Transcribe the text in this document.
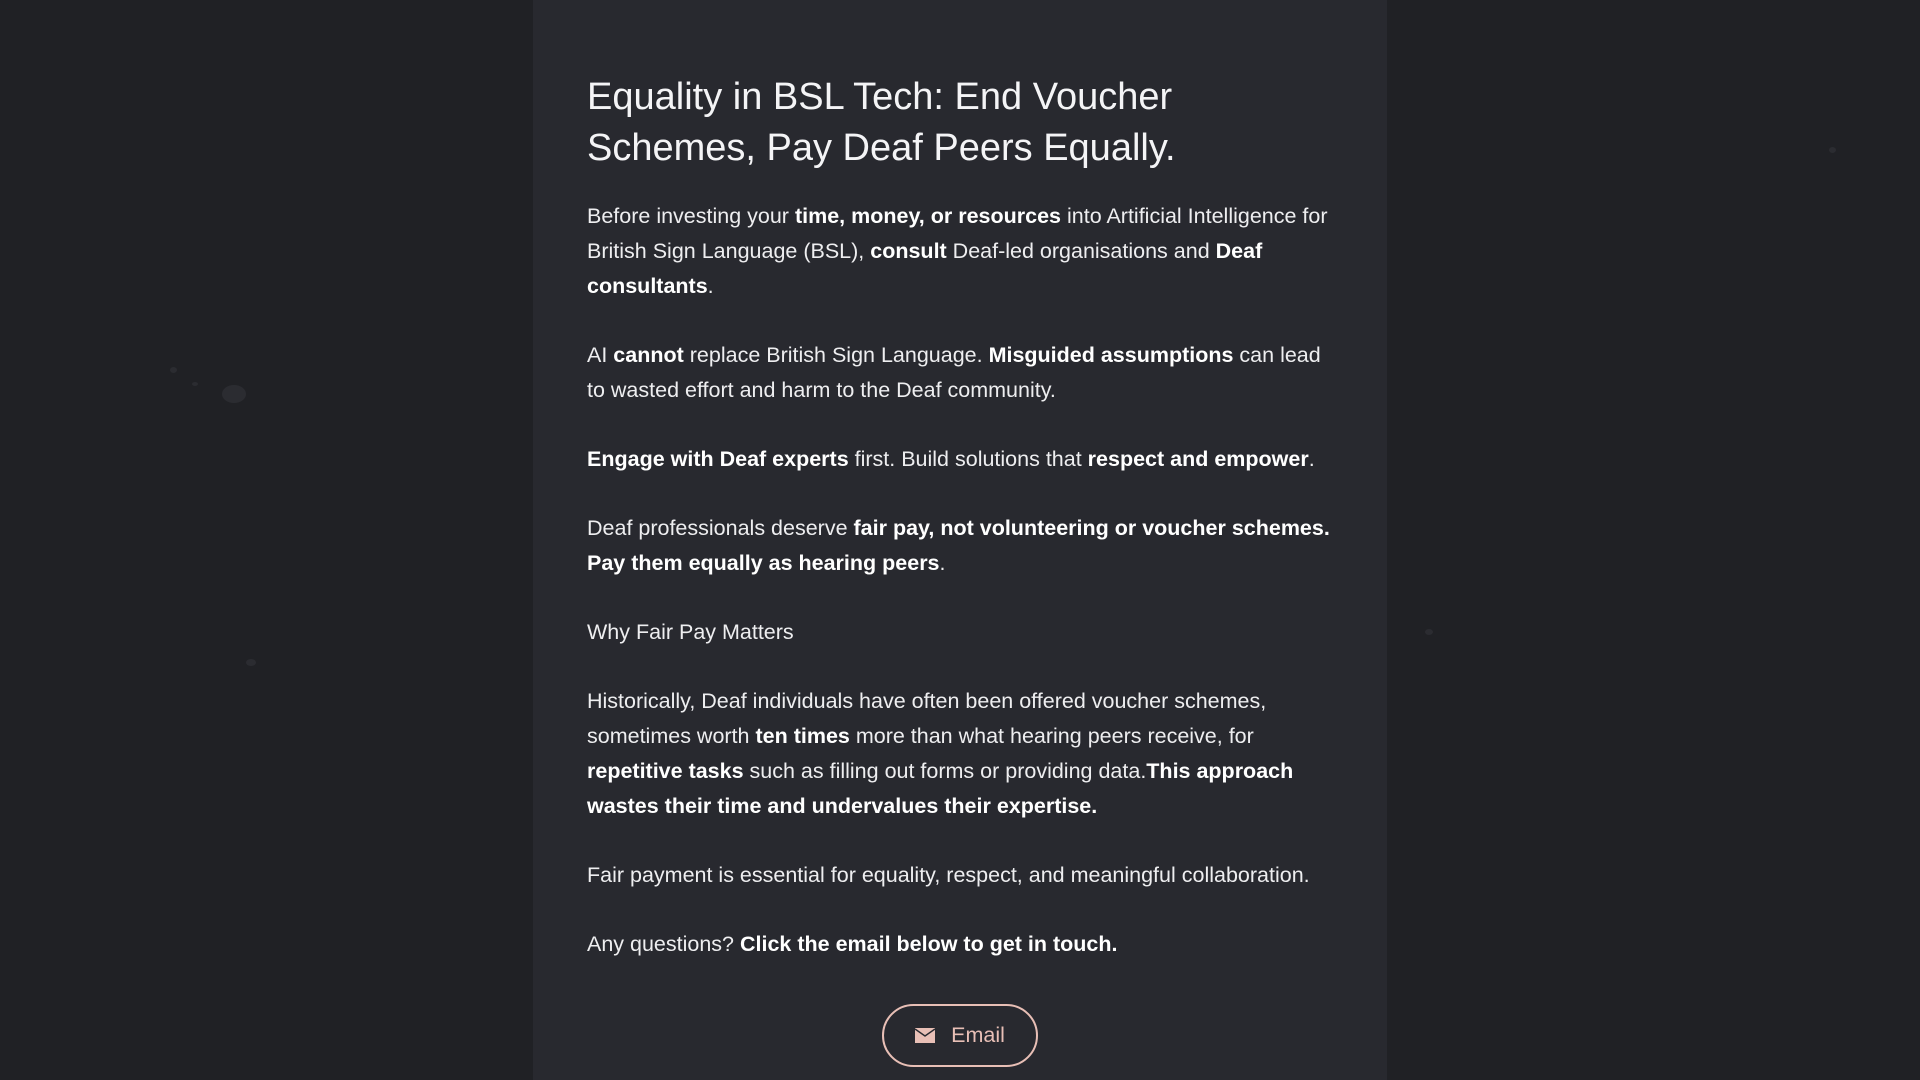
Equality in BSL Tech: End Voucher Schemes, Pay Deaf Peers Equally.

Before investing your time, money, or resources into Artificial Intelligence for British Sign Language (BSL), consult Deaf-led organisations and Deaf consultants.

AI cannot replace British Sign Language. Misguided assumptions can lead to wasted effort and harm to the Deaf community.

Engage with Deaf experts first. Build solutions that respect and empower.

Deaf professionals deserve fair pay, not volunteering or voucher schemes. Pay them equally as hearing peers.

Why Fair Pay Matters

Historically, Deaf individuals have often been offered voucher schemes, sometimes worth ten times more than what hearing peers receive, for repetitive tasks such as filling out forms or providing data.This approach wastes their time and undervalues their expertise.

Fair payment is essential for equality, respect, and meaningful collaboration.

Any questions? Click the email below to get in touch.

Email
